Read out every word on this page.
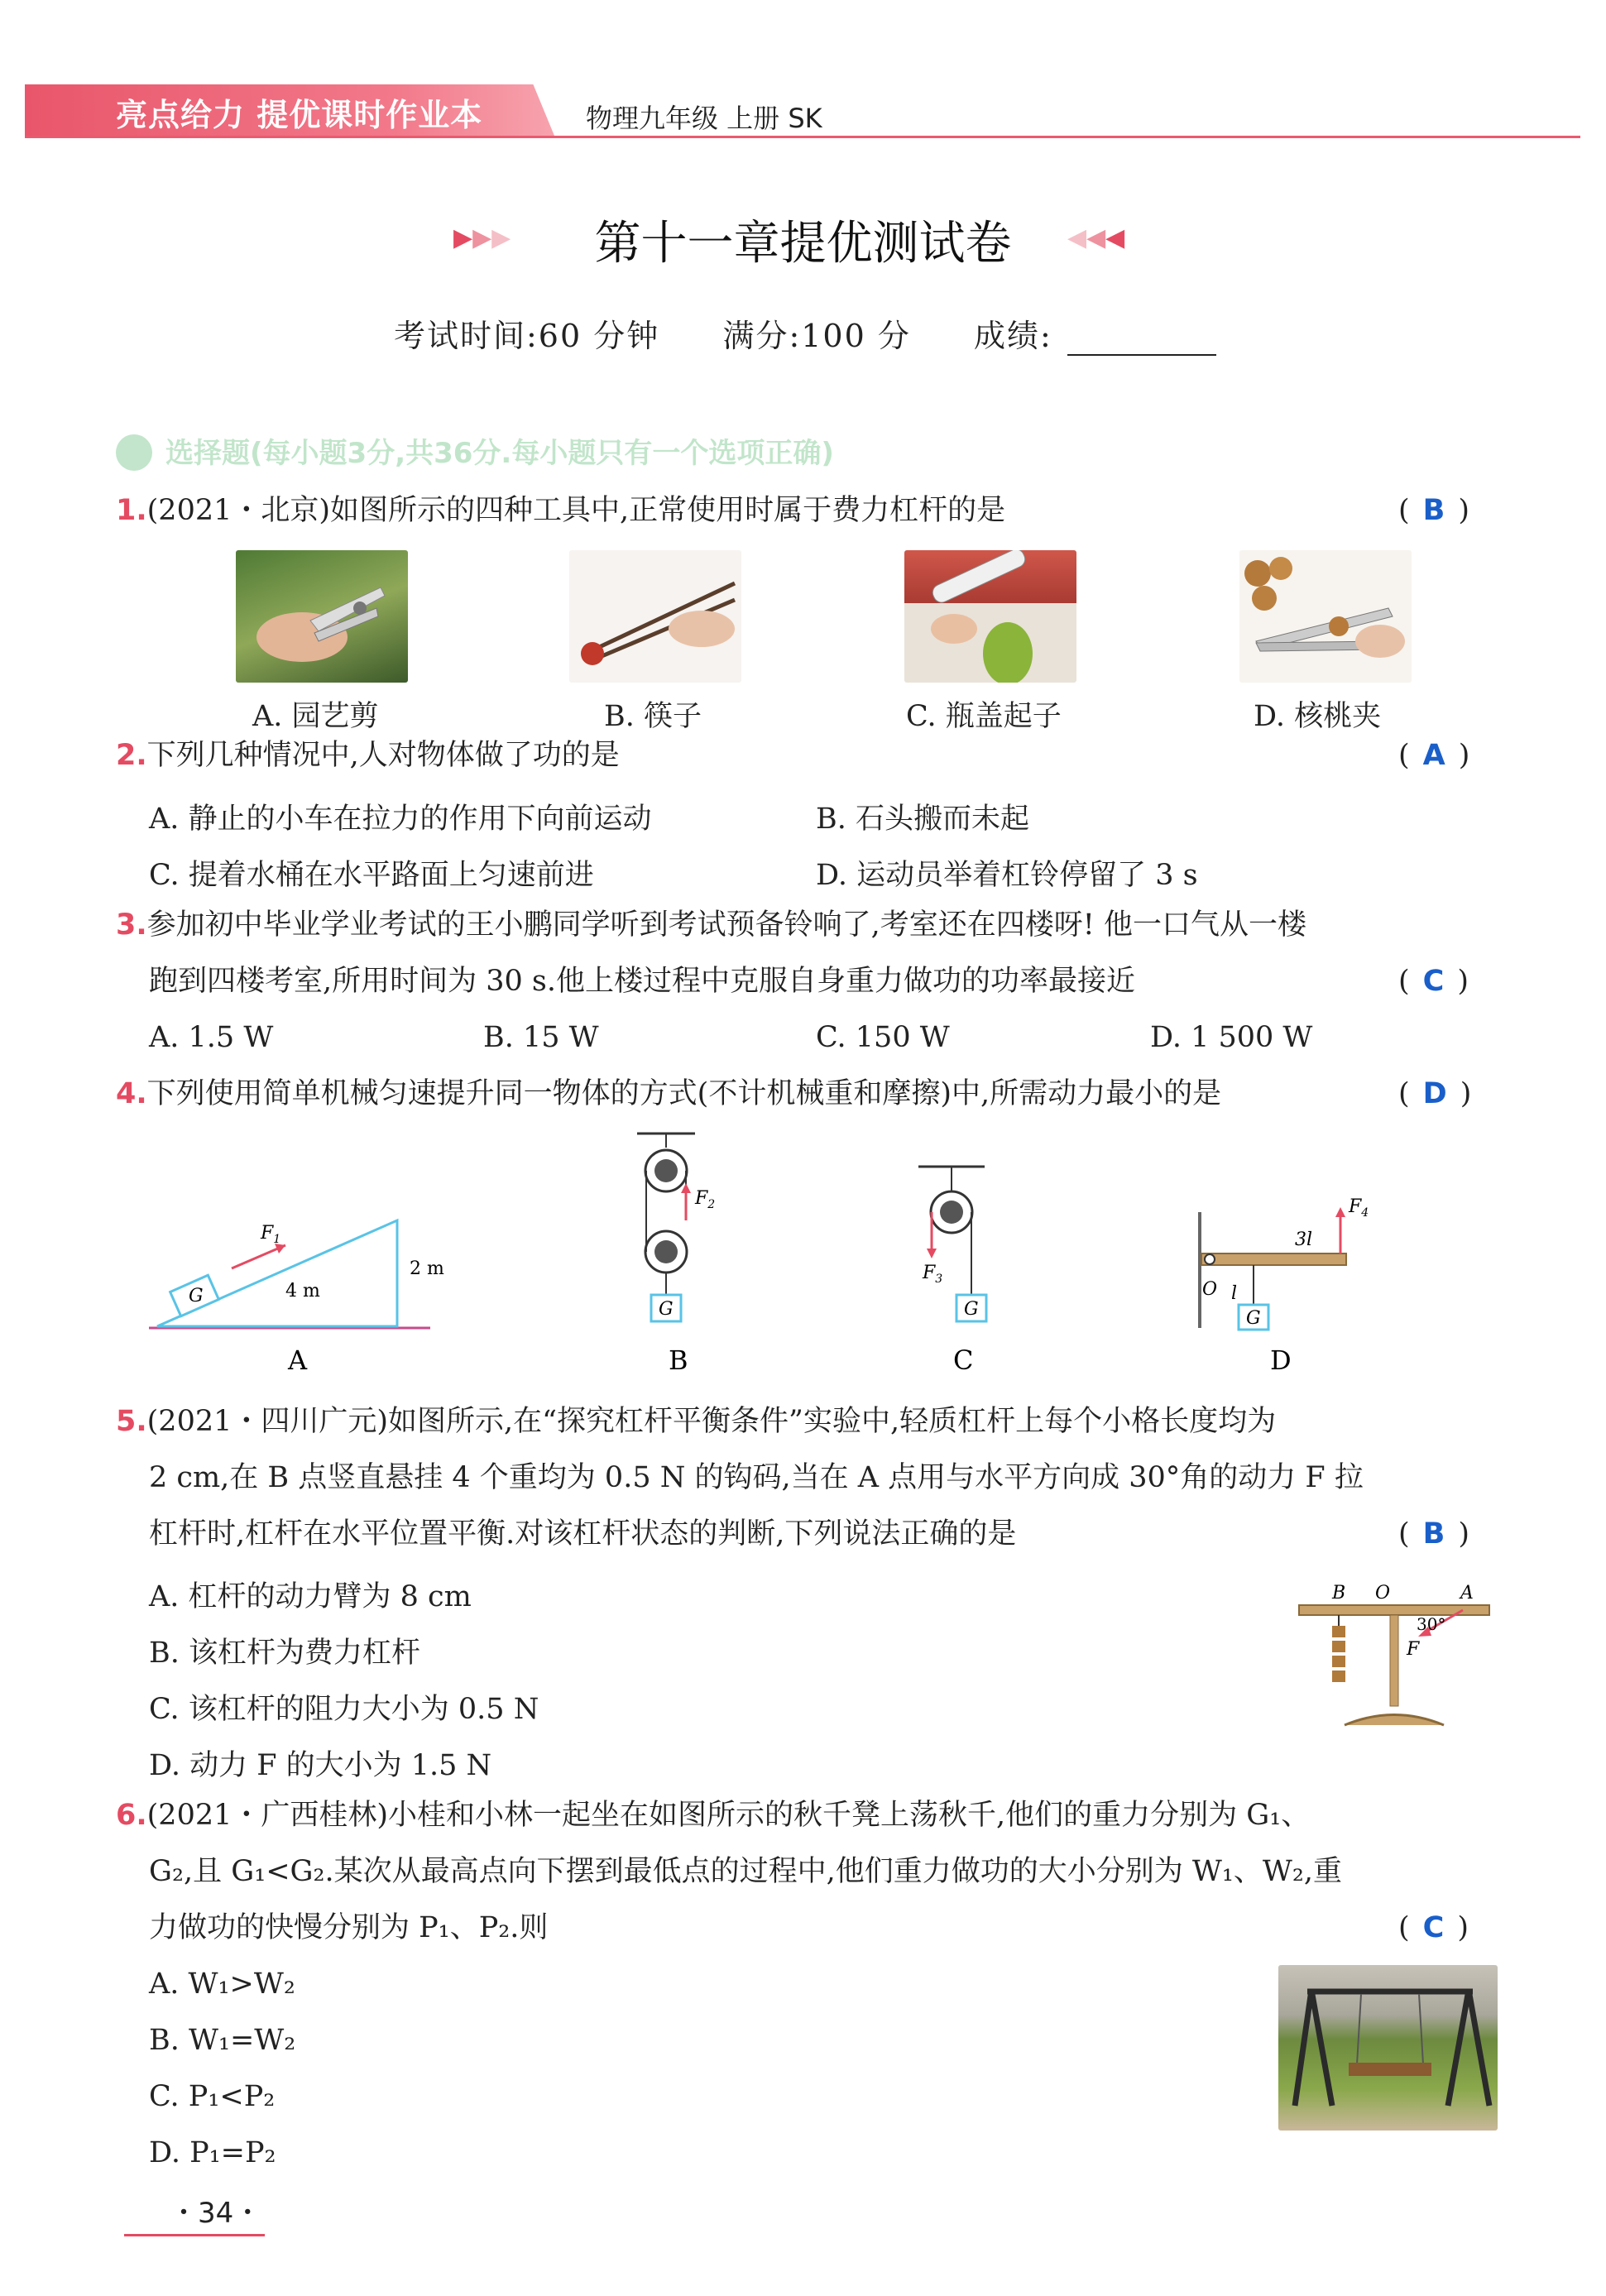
亮点给力 提优课时作业本	物理九年级 上册 SK
▶▶▶	第十一章提优测试卷	◀◀◀
考试时间:60 分钟 满分:100 分 成绩:
选择题(每小题3分,共36分.每小题只有一个选项正确)
1.(2021・北京)如图所示的四种工具中,正常使用时属于费力杠杆的是	( B )
A. 园艺剪	B. 筷子	C. 瓶盖起子	D. 核桃夹
2.下列几种情况中,人对物体做了功的是	( A )
A. 静止的小车在拉力的作用下向前运动	B. 石头搬而未起
C. 提着水桶在水平路面上匀速前进	D. 运动员举着杠铃停留了 3 s
3.参加初中毕业学业考试的王小鹏同学听到考试预备铃响了,考室还在四楼呀! 他一口气从一楼
跑到四楼考室,所用时间为 30 s.他上楼过程中克服自身重力做功的功率最接近	( C )
A. 1.5 W	B. 15 W	C. 150 W	D. 1 500 W
4.下列使用简单机械匀速提升同一物体的方式(不计机械重和摩擦)中,所需动力最小的是	( D )
G
$F_1$
4 m
2 m
A
$F_2$
G
B
$F_3$
G
C
$F_4$
3l
O l
G
D
5.(2021・四川广元)如图所示,在“探究杠杆平衡条件”实验中,轻质杠杆上每个小格长度均为
2 cm,在 B 点竖直悬挂 4 个重均为 0.5 N 的钩码,当在 A 点用与水平方向成 30°角的动力 F 拉
杠杆时,杠杆在水平位置平衡.对该杠杆状态的判断,下列说法正确的是	( B )
A. 杠杆的动力臂为 8 cm
B. 该杠杆为费力杠杆
C. 该杠杆的阻力大小为 0.5 N
D. 动力 F 的大小为 1.5 N
B O	A
30°
F
6.(2021・广西桂林)小桂和小林一起坐在如图所示的秋千凳上荡秋千,他们的重力分别为 G₁、
G₂,且 G₁<G₂.某次从最高点向下摆到最低点的过程中,他们重力做功的大小分别为 W₁、W₂,重
力做功的快慢分别为 P₁、P₂.则	( C )
A. W₁>W₂
B. W₁=W₂
C. P₁<P₂
D. P₁=P₂
・34・
